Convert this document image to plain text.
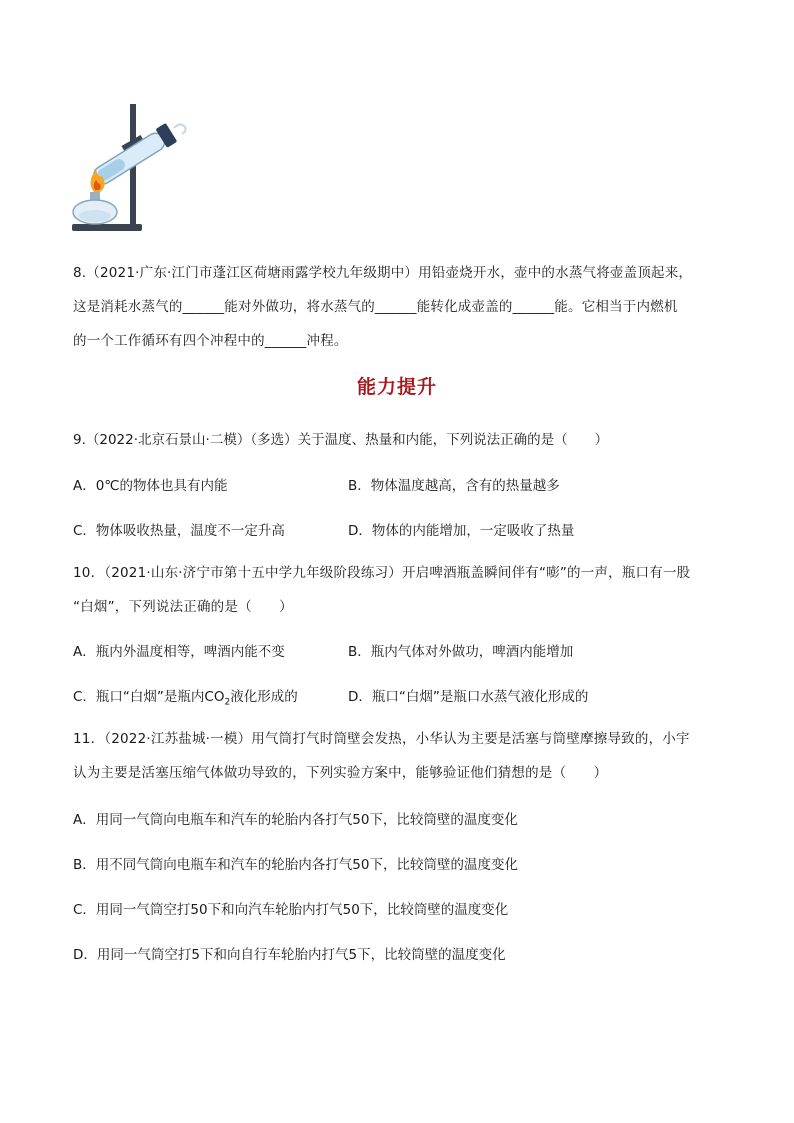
8.（2021·广东·江门市蓬江区荷塘雨露学校九年级期中）用铅壶烧开水，壶中的水蒸气将壶盖顶起来，
这是消耗水蒸气的______能对外做功，将水蒸气的______能转化成壶盖的______能。它相当于内燃机
的一个工作循环有四个冲程中的______冲程。
能力提升
9.（2022·北京石景山·二模）（多选）关于温度、热量和内能，下列说法正确的是（　　）
A．0℃的物体也具有内能	B．物体温度越高，含有的热量越多
C．物体吸收热量，温度不一定升高	D．物体的内能增加，一定吸收了热量
10．（2021·山东·济宁市第十五中学九年级阶段练习）开启啤酒瓶盖瞬间伴有“嘭”的一声，瓶口有一股
“白烟”，下列说法正确的是（　　）
A．瓶内外温度相等，啤酒内能不变	B．瓶内气体对外做功，啤酒内能增加
C．瓶口“白烟”是瓶内$CO_2$液化形成的	D．瓶口“白烟”是瓶口水蒸气液化形成的
11．（2022·江苏盐城·一模）用气筒打气时筒壁会发热，小华认为主要是活塞与筒壁摩擦导致的，小宇
认为主要是活塞压缩气体做功导致的，下列实验方案中，能够验证他们猜想的是（　　）
A．用同一气筒向电瓶车和汽车的轮胎内各打气50下，比较筒壁的温度变化
B．用不同气筒向电瓶车和汽车的轮胎内各打气50下，比较筒壁的温度变化
C．用同一气筒空打50下和向汽车轮胎内打气50下，比较筒壁的温度变化
D．用同一气筒空打5下和向自行车轮胎内打气5下，比较筒壁的温度变化
